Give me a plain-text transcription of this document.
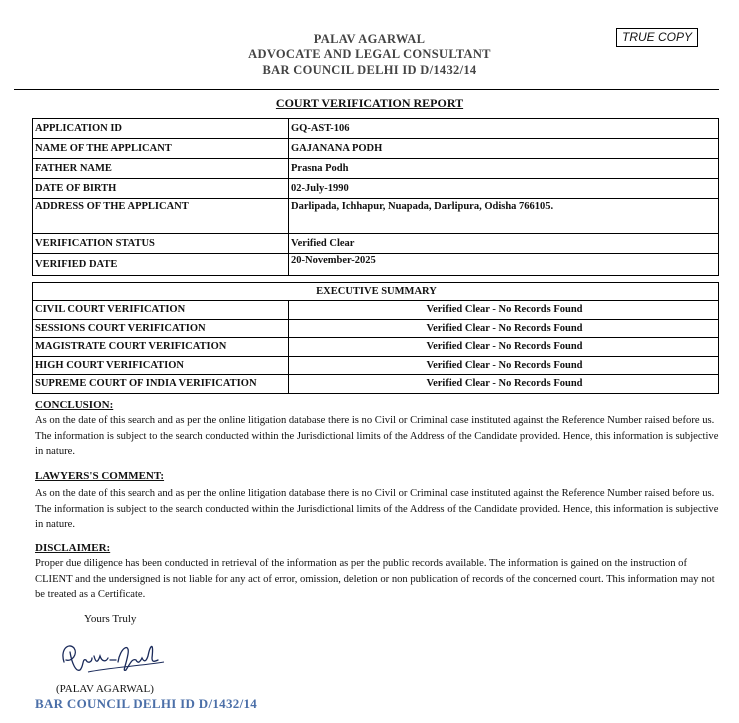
PALAV AGARWAL
ADVOCATE AND LEGAL CONSULTANT
BAR COUNCIL DELHI ID D/1432/14
TRUE COPY
COURT VERIFICATION REPORT
APPLICATION ID	GQ-AST-106
NAME OF THE APPLICANT	GAJANANA PODH
FATHER NAME	Prasna Podh
DATE OF BIRTH	02-July-1990
ADDRESS OF THE APPLICANT	Darlipada, Ichhapur, Nuapada, Darlipura, Odisha 766105.
VERIFICATION STATUS	Verified Clear
VERIFIED DATE	20-November-2025
EXECUTIVE SUMMARY	
CIVIL COURT VERIFICATION	Verified Clear - No Records Found
SESSIONS COURT VERIFICATION	Verified Clear - No Records Found
MAGISTRATE COURT VERIFICATION	Verified Clear - No Records Found
HIGH COURT VERIFICATION	Verified Clear - No Records Found
SUPREME COURT OF INDIA VERIFICATION	Verified Clear - No Records Found
CONCLUSION:
As on the date of this search and as per the online litigation database there is no Civil or Criminal case instituted against the Reference Number raised before us. The information is subject to the search conducted within the Jurisdictional limits of the Address of the Candidate provided. Hence, this information is subjective in nature.
LAWYERS'S COMMENT:
As on the date of this search and as per the online litigation database there is no Civil or Criminal case instituted against the Reference Number raised before us. The information is subject to the search conducted within the Jurisdictional limits of the Address of the Candidate provided. Hence, this information is subjective in nature.
DISCLAIMER:
Proper due diligence has been conducted in retrieval of the information as per the public records available. The information is gained on the instruction of CLIENT and the undersigned is not liable for any act of error, omission, deletion or non publication of records of the concerned court. This information may not be treated as a Certificate.
Yours Truly
(PALAV AGARWAL)
BAR COUNCIL DELHI ID D/1432/14
